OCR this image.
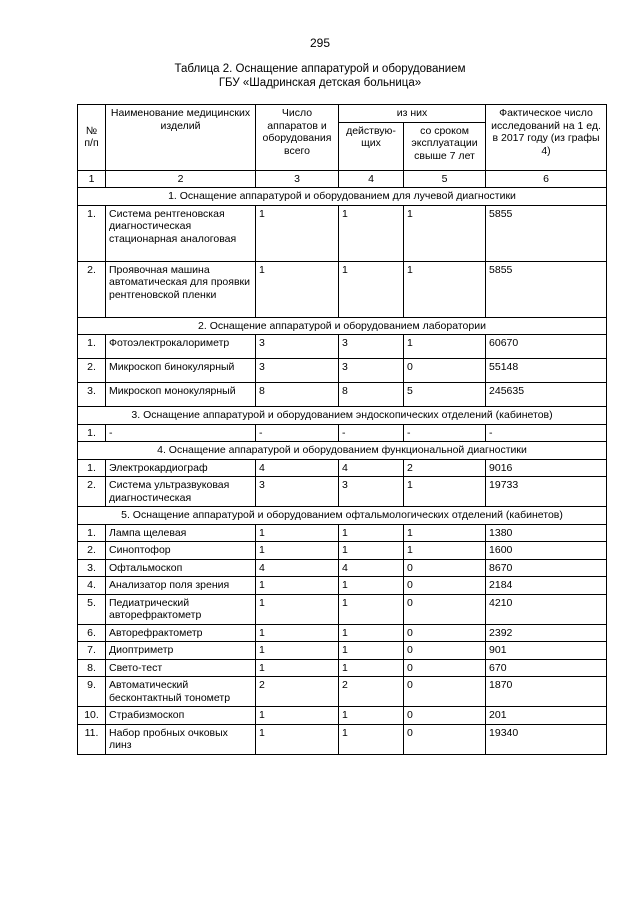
295
Таблица 2. Оснащение аппаратурой и оборудованием
ГБУ «Шадринская детская больница»
№ п/п	Наименование медицинских изделий	Число аппаратов и оборудования всего	из них		Фактическое число исследований на 1 ед. в 2017 году (из графы 4)
			действую-щих	со сроком эксплуатации свыше 7 лет	
1	2	3	4	5	6
1. Оснащение аппаратурой и оборудованием для лучевой диагностики					
1.	Система рентгеновская диагностическая стационарная аналоговая	1	1	1	5855
2.	Проявочная машина автоматическая для проявки рентгеновской пленки	1	1	1	5855
2. Оснащение аппаратурой и оборудованием лаборатории					
1.	Фотоэлектрокалориметр	3	3	1	60670
2.	Микроскоп бинокулярный	3	3	0	55148
3.	Микроскоп монокулярный	8	8	5	245635
3. Оснащение аппаратурой и оборудованием эндоскопических отделений (кабинетов)					
1.	-	-	-	-	-
4. Оснащение аппаратурой и оборудованием функциональной диагностики					
1.	Электрокардиограф	4	4	2	9016
2.	Система ультразвуковая диагностическая	3	3	1	19733
5. Оснащение аппаратурой и оборудованием офтальмологических отделений (кабинетов)					
1.	Лампа щелевая	1	1	1	1380
2.	Синоптофор	1	1	1	1600
3.	Офтальмоскоп	4	4	0	8670
4.	Анализатор поля зрения	1	1	0	2184
5.	Педиатрический авторефрактометр	1	1	0	4210
6.	Авторефрактометр	1	1	0	2392
7.	Диоптриметр	1	1	0	901
8.	Свето-тест	1	1	0	670
9.	Автоматический бесконтактный тонометр	2	2	0	1870
10.	Страбизмоскоп	1	1	0	201
11.	Набор пробных очковых линз	1	1	0	19340
